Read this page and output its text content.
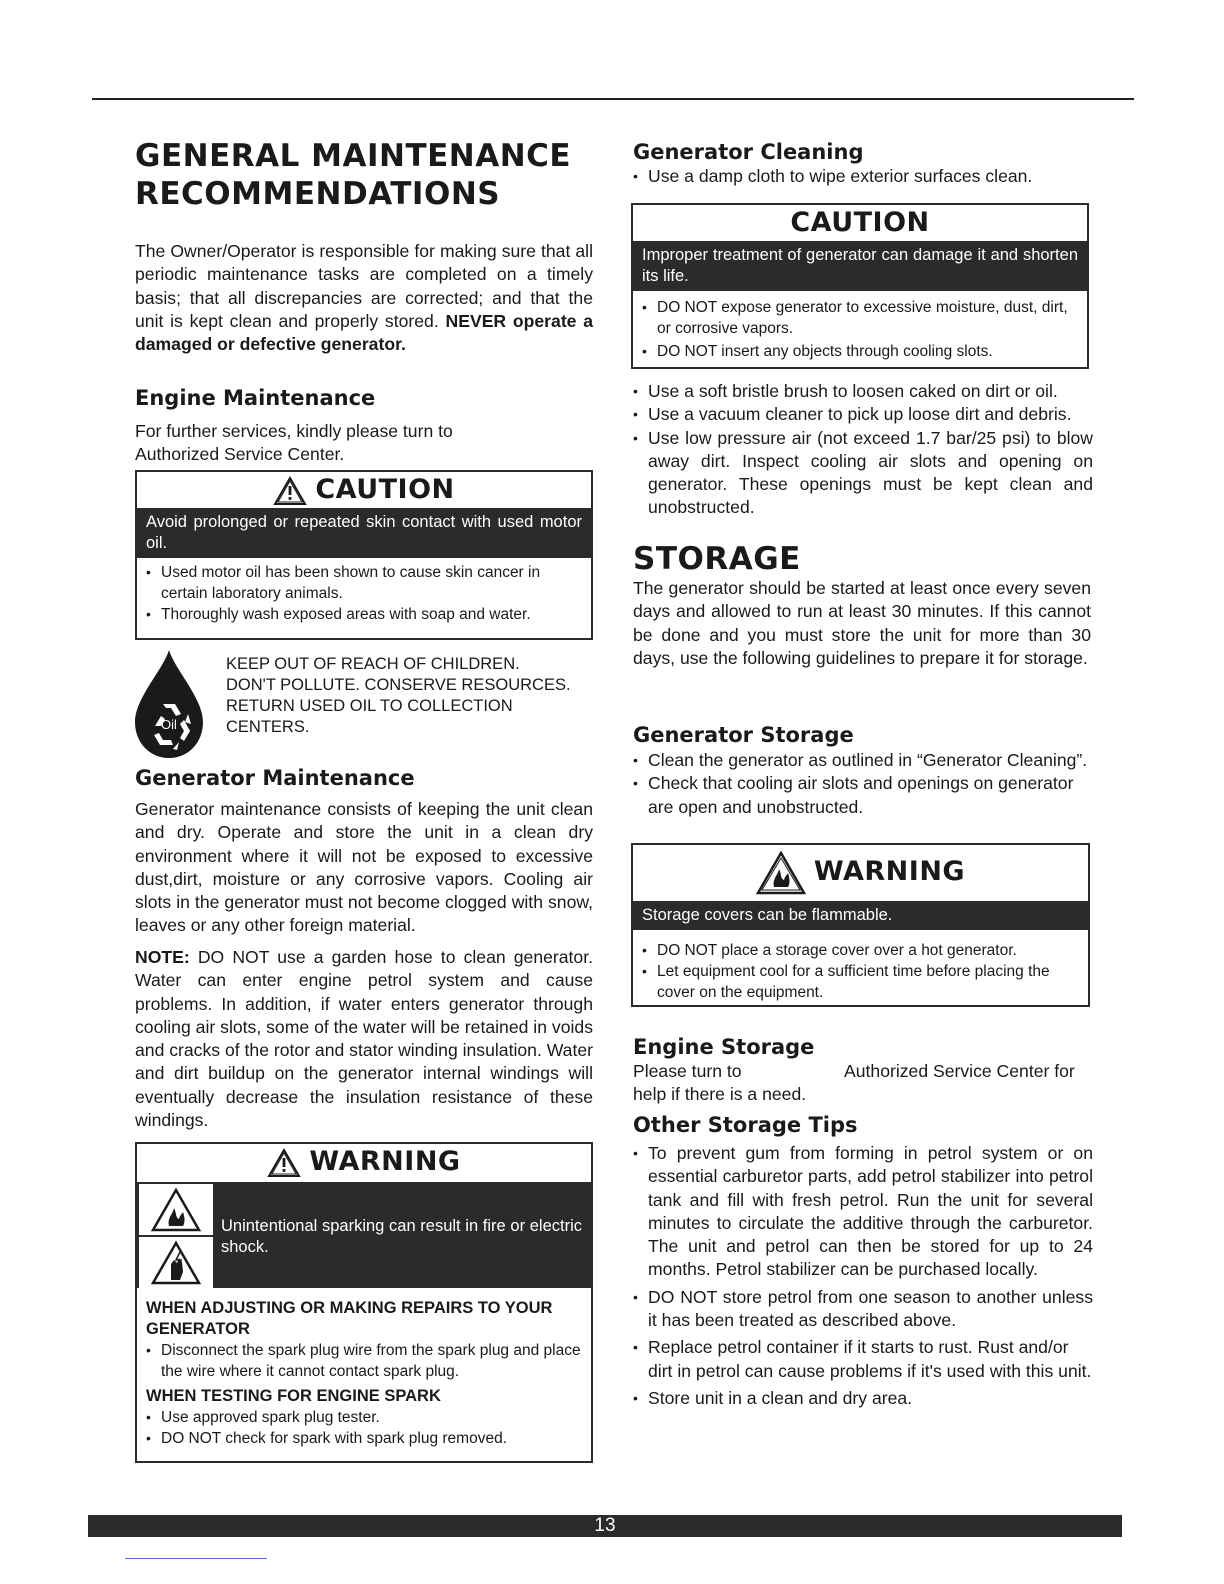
GENERAL MAINTENANCE
RECOMMENDATIONS

The Owner/Operator is responsible for making sure that all periodic maintenance tasks are completed on a timely basis; that all discrepancies are corrected; and that the unit is kept clean and properly stored. NEVER operate a damaged or defective generator.

Engine Maintenance

For further services, kindly please turn to
Authorized Service Center.

CAUTION
Avoid prolonged or repeated skin contact with used motor oil.
• Used motor oil has been shown to cause skin cancer in certain laboratory animals.
• Thoroughly wash exposed areas with soap and water.
Oil
KEEP OUT OF REACH OF CHILDREN.
DON'T POLLUTE. CONSERVE RESOURCES.
RETURN USED OIL TO COLLECTION
CENTERS.
Generator Maintenance

Generator maintenance consists of keeping the unit clean and dry. Operate and store the unit in a clean dry environment where it will not be exposed to excessive dust,dirt, moisture or any corrosive vapors. Cooling air slots in the generator must not become clogged with snow, leaves or any other foreign material.

NOTE: DO NOT use a garden hose to clean generator. Water can enter engine petrol system and cause problems. In addition, if water enters generator through cooling air slots, some of the water will be retained in voids and cracks of the rotor and stator winding insulation. Water and dirt buildup on the generator internal windings will eventually decrease the insulation resistance of these windings.

WARNING
Unintentional sparking can result in fire or electric shock.

WHEN ADJUSTING OR MAKING REPAIRS TO YOUR GENERATOR

• Disconnect the spark plug wire from the spark plug and place the wire where it cannot contact spark plug.

WHEN TESTING FOR ENGINE SPARK

• Use approved spark plug tester.
• DO NOT check for spark with spark plug removed.
Generator Cleaning
• Use a damp cloth to wipe exterior surfaces clean.
CAUTION
Improper treatment of generator can damage it and shorten its life.
• DO NOT expose generator to excessive moisture, dust, dirt, or corrosive vapors.
• DO NOT insert any objects through cooling slots.
• Use a soft bristle brush to loosen caked on dirt or oil.
• Use a vacuum cleaner to pick up loose dirt and debris.
• Use low pressure air (not exceed 1.7 bar/25 psi) to blow away dirt. Inspect cooling air slots and opening on generator. These openings must be kept clean and unobstructed.
STORAGE

The generator should be started at least once every seven days and allowed to run at least 30 minutes. If this cannot be done and you must store the unit for more than 30 days, use the following guidelines to prepare it for storage.

Generator Storage
• Clean the generator as outlined in “Generator Cleaning”.
• Check that cooling air slots and openings on generator are open and unobstructed.
WARNING
Storage covers can be flammable.
• DO NOT place a storage cover over a hot generator.
• Let equipment cool for a sufficient time before placing the cover on the equipment.
Engine Storage
Please turn to	Authorized Service Center for
help if there is a need.
Other Storage Tips
• To prevent gum from forming in petrol system or on essential carburetor parts, add petrol stabilizer into petrol tank and fill with fresh petrol. Run the unit for several minutes to circulate the additive through the carburetor. The unit and petrol can then be stored for up to 24 months. Petrol stabilizer can be purchased locally.
• DO NOT store petrol from one season to another unless it has been treated as described above.
• Replace petrol container if it starts to rust. Rust and/or dirt in petrol can cause problems if it's used with this unit.
• Store unit in a clean and dry area.
13
